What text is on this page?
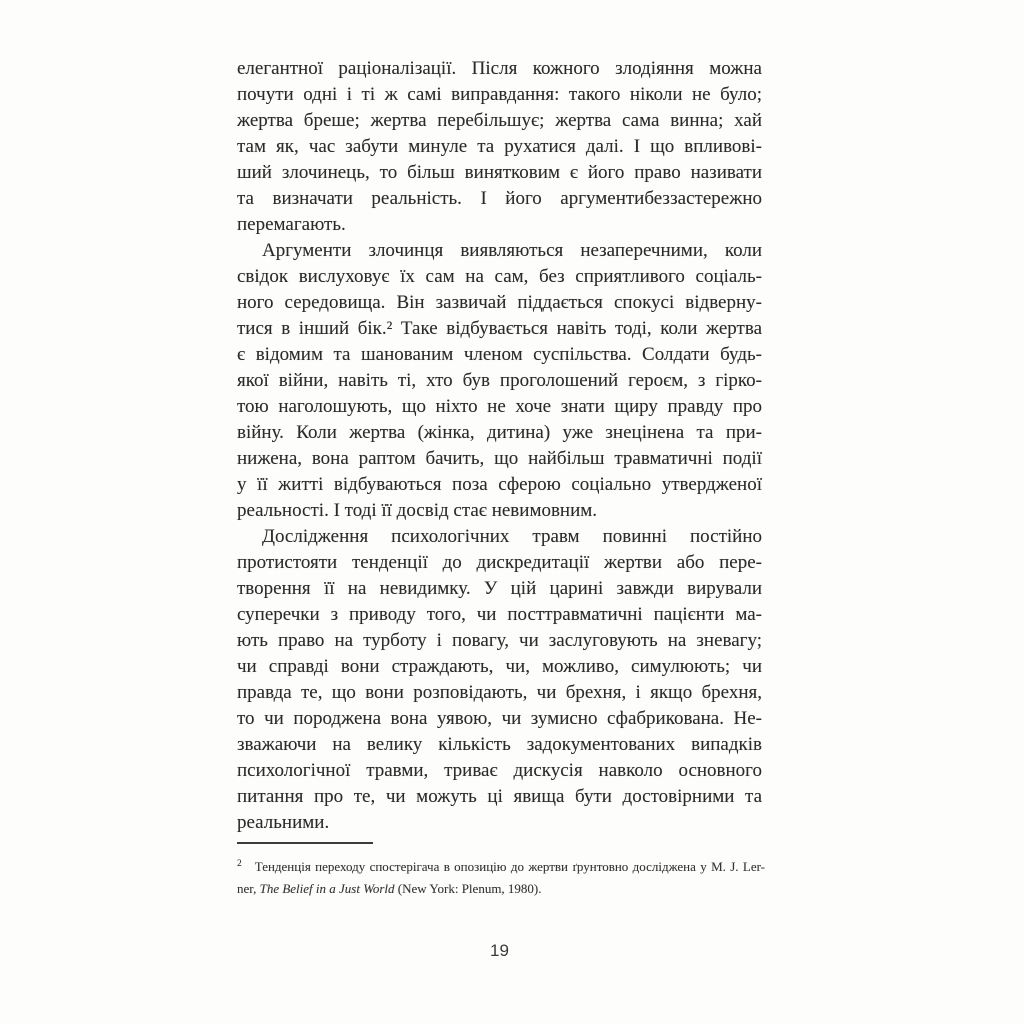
елегантної раціоналізації. Після кожного злодіяння можна
почути одні і ті ж самі виправдання: такого ніколи не було;
жертва бреше; жертва перебільшує; жертва сама винна; хай
там як, час забути минуле та рухатися далі. І що впливові-
ший злочинець, то більш винятковим є його право називати
та визначати реальність. І його аргументибеззастережно
перемагають.
Аргументи злочинця виявляються незаперечними, коли
свідок вислуховує їх сам на сам, без сприятливого соціаль-
ного середовища. Він зазвичай піддається спокусі відверну-
тися в інший бік.² Таке відбувається навіть тоді, коли жертва
є відомим та шанованим членом суспільства. Солдати будь-
якої війни, навіть ті, хто був проголошений героєм, з гірко-
тою наголошують, що ніхто не хоче знати щиру правду про
війну. Коли жертва (жінка, дитина) уже знецінена та при-
нижена, вона раптом бачить, що найбільш травматичні події
у її житті відбуваються поза сферою соціально утвердженої
реальності. І тоді її досвід стає невимовним.
Дослідження психологічних травм повинні постійно
протистояти тенденції до дискредитації жертви або пере-
творення її на невидимку. У цій царині завжди вирували
суперечки з приводу того, чи посттравматичні пацієнти ма-
ють право на турботу і повагу, чи заслуговують на зневагу;
чи справді вони страждають, чи, можливо, симулюють; чи
правда те, що вони розповідають, чи брехня, і якщо брехня,
то чи породжена вона уявою, чи зумисно сфабрикована. Не-
зважаючи на велику кількість задокументованих випадків
психологічної травми, триває дискусія навколо основного
питання про те, чи можуть ці явища бути достовірними та
реальними.
$^2$ Тенденція переходу спостерігача в опозицію до жертви ґрунтовно досліджена у M. J. Ler-
ner, The Belief in a Just World (New York: Plenum, 1980).
19
